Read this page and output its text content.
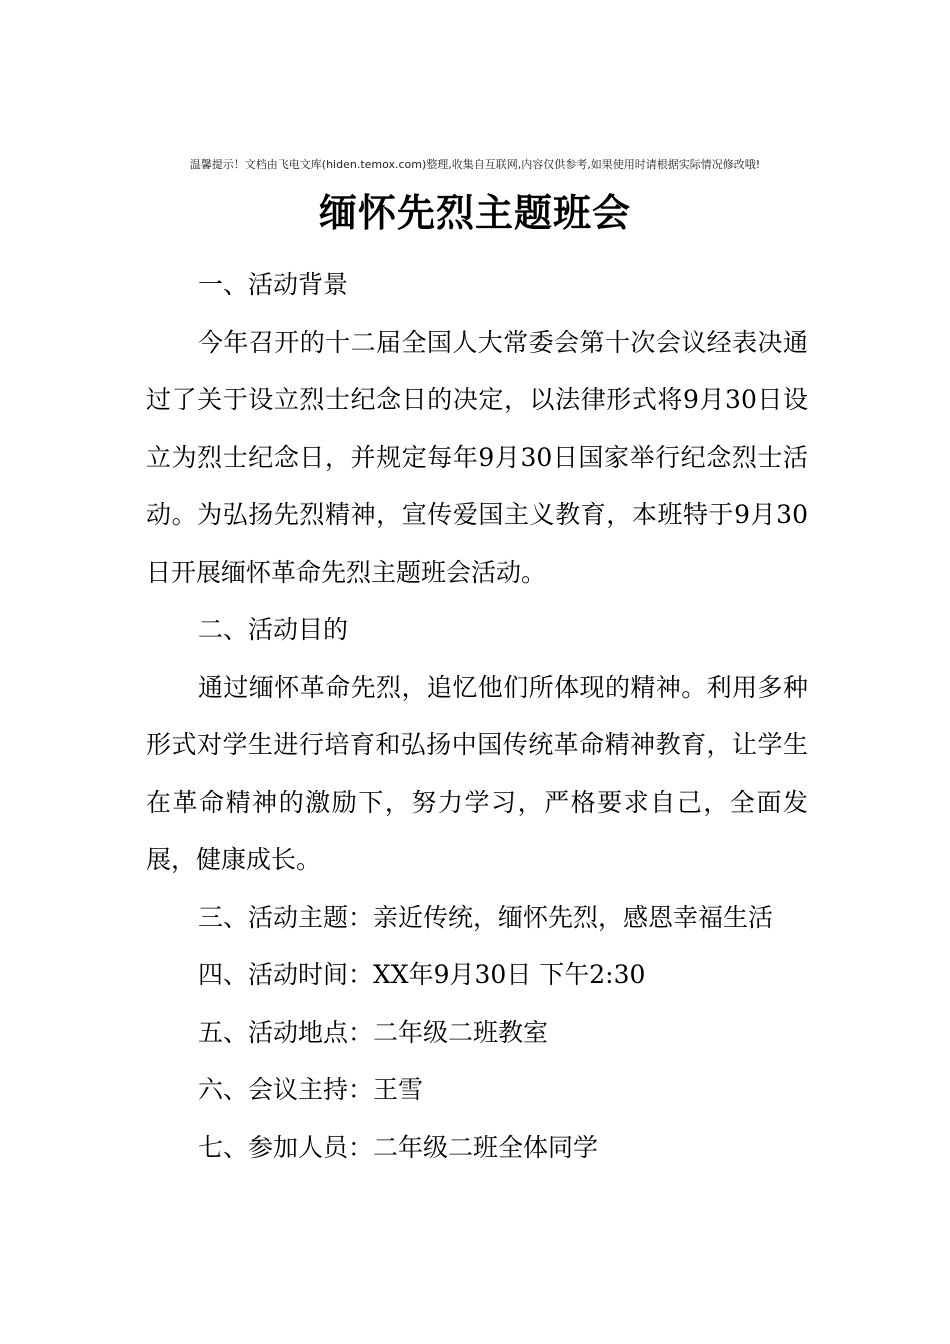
温馨提示！文档由飞电文库(hiden.temox.com)整理,收集自互联网,内容仅供参考,如果使用时请根据实际情况修改哦!
缅怀先烈主题班会

一、活动背景

今年召开的十二届全国人大常委会第十次会议经表决通过了关于设立烈士纪念日的决定，以法律形式将9月30日设立为烈士纪念日，并规定每年9月30日国家举行纪念烈士活动。为弘扬先烈精神，宣传爱国主义教育，本班特于9月30日开展缅怀革命先烈主题班会活动。

二、活动目的

通过缅怀革命先烈，追忆他们所体现的精神。利用多种形式对学生进行培育和弘扬中国传统革命精神教育，让学生在革命精神的激励下，努力学习，严格要求自己，全面发展，健康成长。

三、活动主题：亲近传统，缅怀先烈，感恩幸福生活

四、活动时间：XX年9月30日 下午2:30

五、活动地点：二年级二班教室

六、会议主持：王雪

七、参加人员：二年级二班全体同学
